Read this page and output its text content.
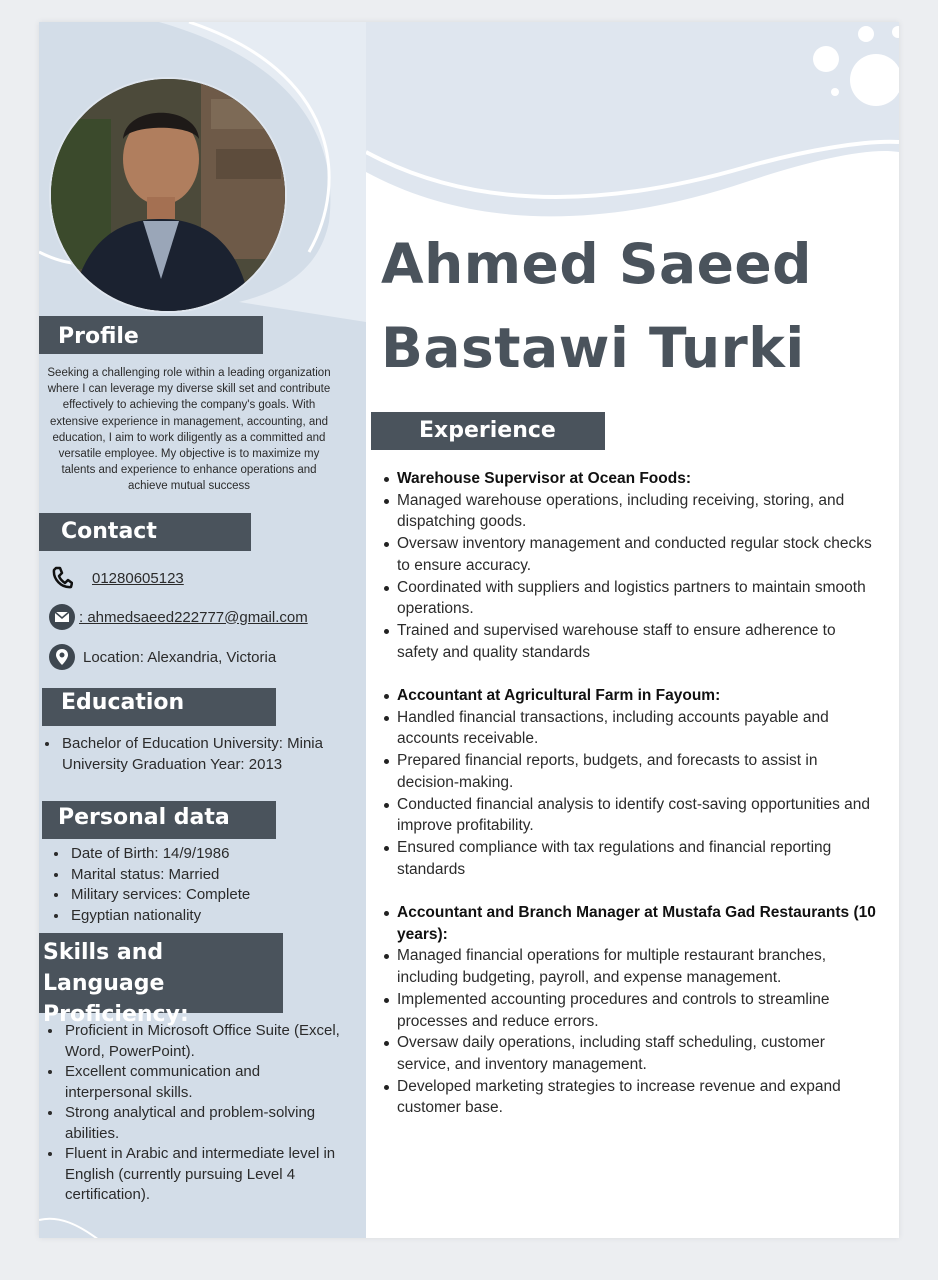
Profile
Seeking a challenging role within a leading organization where I can leverage my diverse skill set and contribute effectively to achieving the company's goals. With extensive experience in management, accounting, and education, I aim to work diligently as a committed and versatile employee. My objective is to maximize my talents and experience to enhance operations and achieve mutual success
Contact
01280605123
: ahmedsaeed222777@gmail.com
Location: Alexandria, Victoria
Education
• Bachelor of Education University: Minia University Graduation Year: 2013
Personal data
• Date of Birth: 14/9/1986
• Marital status: Married
• Military services: Complete
• Egyptian nationality
Skills and Language
Proficiency:
• Proficient in Microsoft Office Suite (Excel, Word, PowerPoint).
• Excellent communication and interpersonal skills.
• Strong analytical and problem-solving abilities.
• Fluent in Arabic and intermediate level in English (currently pursuing Level 4 certification).
Ahmed Saeed
Bastawi Turki
Experience
Warehouse Supervisor at Ocean Foods:
Managed warehouse operations, including receiving, storing, and dispatching goods.
Oversaw inventory management and conducted regular stock checks to ensure accuracy.
Coordinated with suppliers and logistics partners to maintain smooth operations.
Trained and supervised warehouse staff to ensure adherence to safety and quality standards
Accountant at Agricultural Farm in Fayoum:
Handled financial transactions, including accounts payable and accounts receivable.
Prepared financial reports, budgets, and forecasts to assist in decision-making.
Conducted financial analysis to identify cost-saving opportunities and improve profitability.
Ensured compliance with tax regulations and financial reporting standards
Accountant and Branch Manager at Mustafa Gad Restaurants (10 years):
Managed financial operations for multiple restaurant branches, including budgeting, payroll, and expense management.
Implemented accounting procedures and controls to streamline processes and reduce errors.
Oversaw daily operations, including staff scheduling, customer service, and inventory management.
Developed marketing strategies to increase revenue and expand customer base.
